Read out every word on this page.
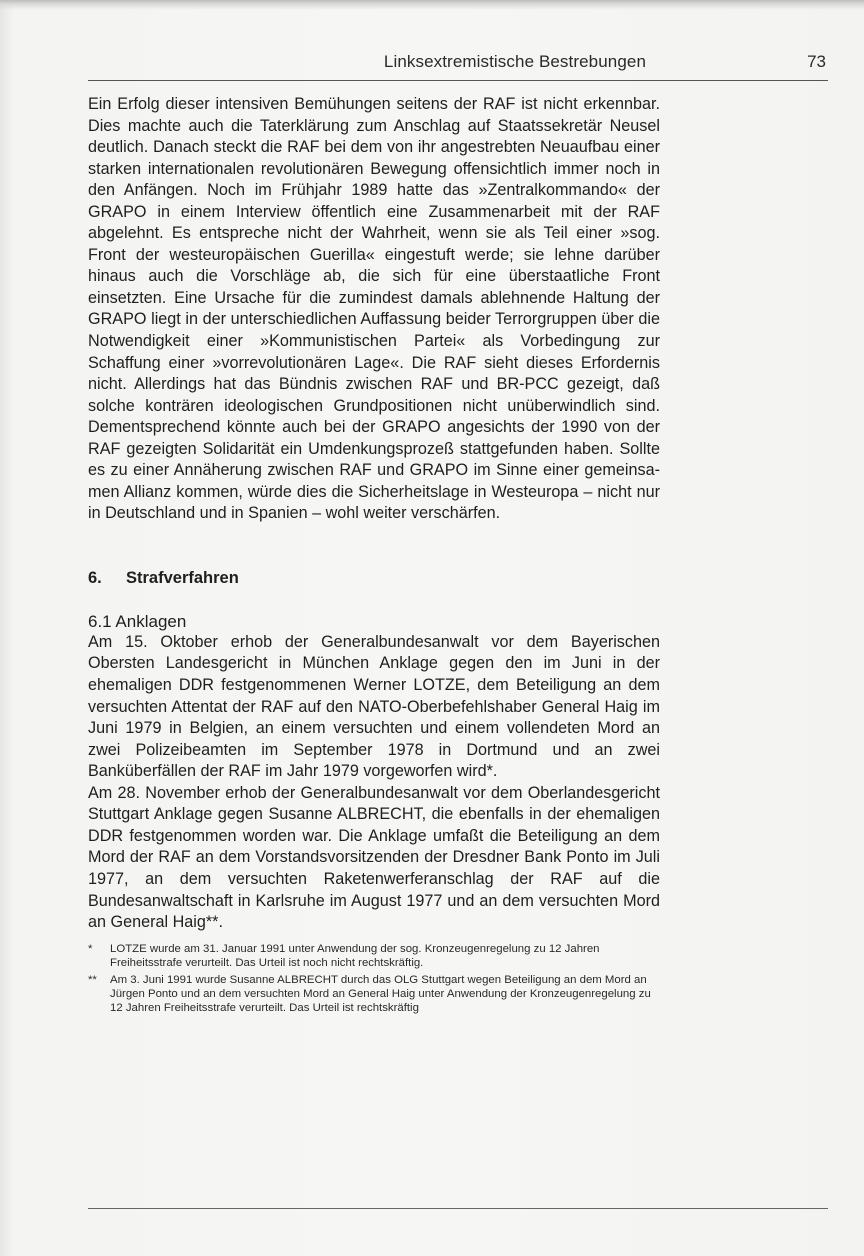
Linksextremistische Bestrebungen	73

Ein Erfolg dieser intensiven Bemühungen seitens der RAF ist nicht erkennbar. Dies machte auch die Taterklärung zum Anschlag auf Staatssekretär Neusel deutlich. Danach steckt die RAF bei dem von ihr angestrebten Neuaufbau einer starken internationalen revolutionären Bewegung offensichtlich immer noch in den Anfängen. Noch im Frühjahr 1989 hatte das »Zentralkommando« der GRAPO in einem Interview öffentlich eine Zusammenarbeit mit der RAF abgelehnt. Es entspreche nicht der Wahrheit, wenn sie als Teil einer »sog. Front der westeuropäischen Guerilla« eingestuft werde; sie lehne darüber hinaus auch die Vorschläge ab, die sich für eine überstaatliche Front einsetzten. Eine Ursache für die zumindest damals ablehnende Haltung der GRAPO liegt in der unterschiedlichen Auffassung beider Terrorgruppen über die Notwendigkeit einer »Kommunistischen Partei« als Vorbedingung zur Schaffung einer »vorrevolutionären Lage«. Die RAF sieht dieses Erfordernis nicht. Allerdings hat das Bündnis zwischen RAF und BR-PCC gezeigt, daß solche konträren ideologischen Grundpositionen nicht unüberwindlich sind. Dementsprechend könnte auch bei der GRAPO angesichts der 1990 von der RAF gezeigten Solidarität ein Umdenkungsprozeß stattgefunden haben. Sollte es zu einer Annäherung zwischen RAF und GRAPO im Sinne einer gemeinsamen Allianz kommen, würde dies die Sicherheitslage in Westeuropa – nicht nur in Deutschland und in Spanien – wohl weiter verschärfen.

6. Strafverfahren
6.1 Anklagen

Am 15. Oktober erhob der Generalbundesanwalt vor dem Bayerischen Obersten Landesgericht in München Anklage gegen den im Juni in der ehemaligen DDR festgenommenen Werner LOTZE, dem Beteiligung an dem versuchten Attentat der RAF auf den NATO-Oberbefehlshaber General Haig im Juni 1979 in Belgien, an einem versuchten und einem vollendeten Mord an zwei Polizeibeamten im September 1978 in Dortmund und an zwei Banküberfällen der RAF im Jahr 1979 vorgeworfen wird*.

Am 28. November erhob der Generalbundesanwalt vor dem Oberlandesgericht Stuttgart Anklage gegen Susanne ALBRECHT, die ebenfalls in der ehemaligen DDR festgenommen worden war. Die Anklage umfaßt die Beteiligung an dem Mord der RAF an dem Vorstandsvorsitzenden der Dresdner Bank Ponto im Juli 1977, an dem versuchten Raketenwerferanschlag der RAF auf die Bundesanwaltschaft in Karlsruhe im August 1977 und an dem versuchten Mord an General Haig**.

* LOTZE wurde am 31. Januar 1991 unter Anwendung der sog. Kronzeugenregelung zu 12 Jahren Freiheitsstrafe verurteilt. Das Urteil ist noch nicht rechtskräftig.
** Am 3. Juni 1991 wurde Susanne ALBRECHT durch das OLG Stuttgart wegen Beteiligung an dem Mord an Jürgen Ponto und an dem versuchten Mord an General Haig unter Anwendung der Kronzeugenregelung zu 12 Jahren Freiheitsstrafe verurteilt. Das Urteil ist rechtskräftig
